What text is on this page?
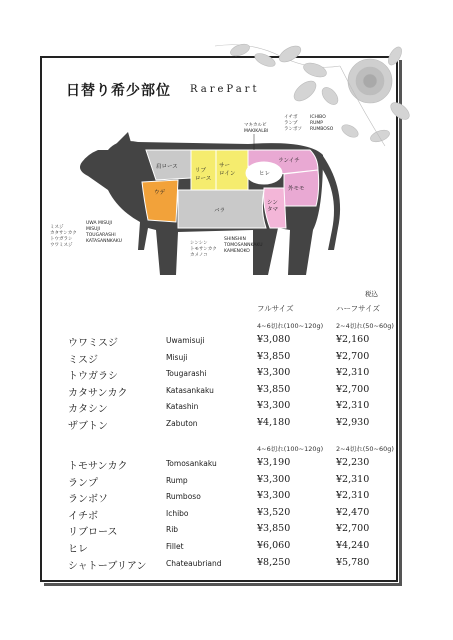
日替り希少部位 RarePart
肩ロース
ウデ
リブロース
サーロイン	ヒレ
ランイチ
外モモ
シンタマ
バラ
ミスジ
カタサンカク
トウガラシ
ウワミスジ
UWA MISUJI
MISUJI
TOUGARASHI
KATASANNKAKU
マキカルビ
MAKIKALBI
イチボ
ランプ
ランボソ
ICHIBO
RUMP
RUMBOSO
シンシン
トモサンカク
カメノコ
SHINSHIN
TOMOSANNKAKU
KAMENOKO
税込
フルサイズ	ハーフサイズ
4~6切れ(100~120g) 2~4切れ(50~60g)
ウワミスジ	Uwamisuji	¥3,080	¥2,160
ミスジ	Misuji	¥3,850	¥2,700
トウガラシ	Tougarashi	¥3,300	¥2,310
カタサンカク	Katasankaku	¥3,850	¥2,700
カタシン	Katashin	¥3,300	¥2,310
ザブトン	Zabuton	¥4,180	¥2,930
4~6切れ(100~120g) 2~4切れ(50~60g)
トモサンカク	Tomosankaku	¥3,190	¥2,230
ランプ	Rump	¥3,300	¥2,310
ランボソ	Rumboso	¥3,300	¥2,310
イチボ	Ichibo	¥3,520	¥2,470
リブロース	Rib	¥3,850	¥2,700
ヒレ	Fillet	¥6,060	¥4,240
シャトーブリアン	Chateaubriand	¥8,250	¥5,780
